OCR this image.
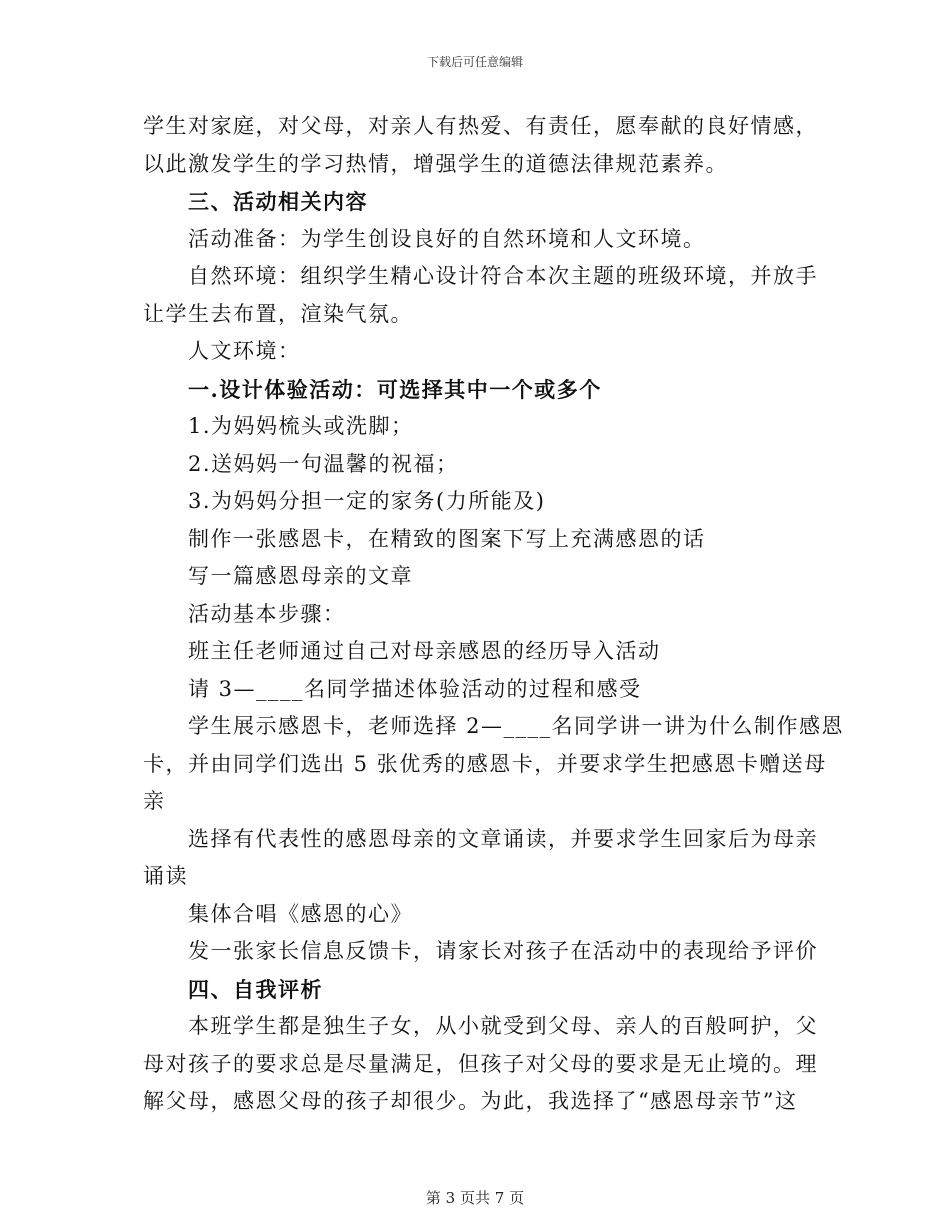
下载后可任意编辑

学生对家庭，对父母，对亲人有热爱、有责任，愿奉献的良好情感，

以此激发学生的学习热情，增强学生的道德法律规范素养。

三、活动相关内容

活动准备：为学生创设良好的自然环境和人文环境。

自然环境：组织学生精心设计符合本次主题的班级环境，并放手

让学生去布置，渲染气氛。

人文环境：

一.设计体验活动：可选择其中一个或多个

1.为妈妈梳头或洗脚；

2.送妈妈一句温馨的祝福；

3.为妈妈分担一定的家务(力所能及)

制作一张感恩卡，在精致的图案下写上充满感恩的话

写一篇感恩母亲的文章

活动基本步骤：

班主任老师通过自己对母亲感恩的经历导入活动

请 3—____名同学描述体验活动的过程和感受

学生展示感恩卡，老师选择 2—____名同学讲一讲为什么制作感恩

卡，并由同学们选出 5 张优秀的感恩卡，并要求学生把感恩卡赠送母

亲

选择有代表性的感恩母亲的文章诵读，并要求学生回家后为母亲

诵读

集体合唱《感恩的心》

发一张家长信息反馈卡，请家长对孩子在活动中的表现给予评价

四、自我评析

本班学生都是独生子女，从小就受到父母、亲人的百般呵护，父

母对孩子的要求总是尽量满足，但孩子对父母的要求是无止境的。理

解父母，感恩父母的孩子却很少。为此，我选择了“感恩母亲节”这

第 3 页共 7 页
